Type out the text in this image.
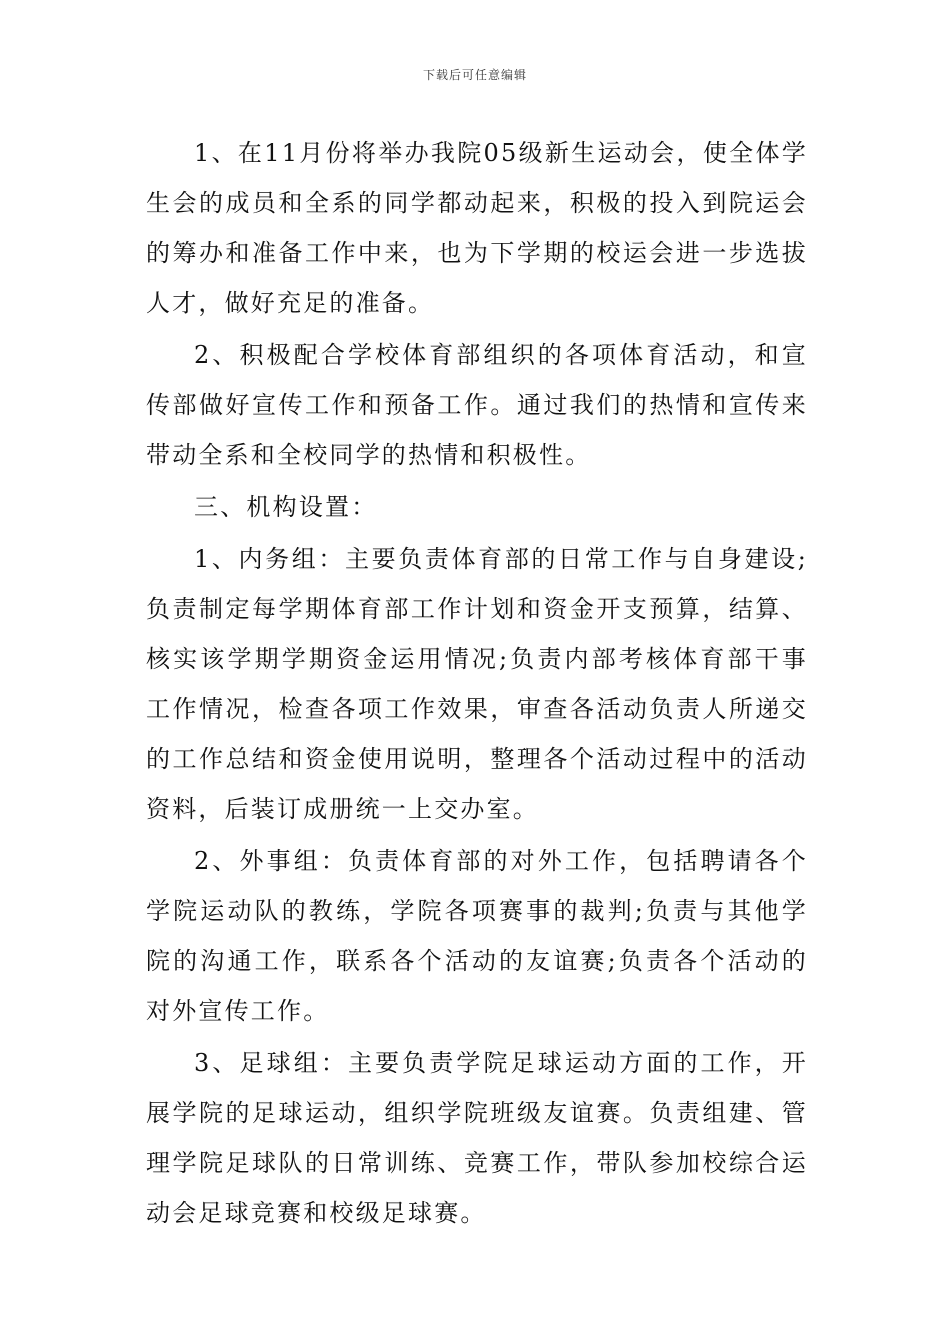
下载后可任意编辑

1、在11月份将举办我院05级新生运动会，使全体学生会的成员和全系的同学都动起来，积极的投入到院运会的筹办和准备工作中来，也为下学期的校运会进一步选拔人才，做好充足的准备。

2、积极配合学校体育部组织的各项体育活动，和宣传部做好宣传工作和预备工作。通过我们的热情和宣传来带动全系和全校同学的热情和积极性。

三、机构设置：

1、内务组：主要负责体育部的日常工作与自身建设;负责制定每学期体育部工作计划和资金开支预算，结算、核实该学期学期资金运用情况;负责内部考核体育部干事工作情况，检查各项工作效果，审查各活动负责人所递交的工作总结和资金使用说明，整理各个活动过程中的活动资料，后装订成册统一上交办室。

2、外事组：负责体育部的对外工作，包括聘请各个学院运动队的教练，学院各项赛事的裁判;负责与其他学院的沟通工作，联系各个活动的友谊赛;负责各个活动的对外宣传工作。

3、足球组：主要负责学院足球运动方面的工作，开展学院的足球运动，组织学院班级友谊赛。负责组建、管理学院足球队的日常训练、竞赛工作，带队参加校综合运动会足球竞赛和校级足球赛。
